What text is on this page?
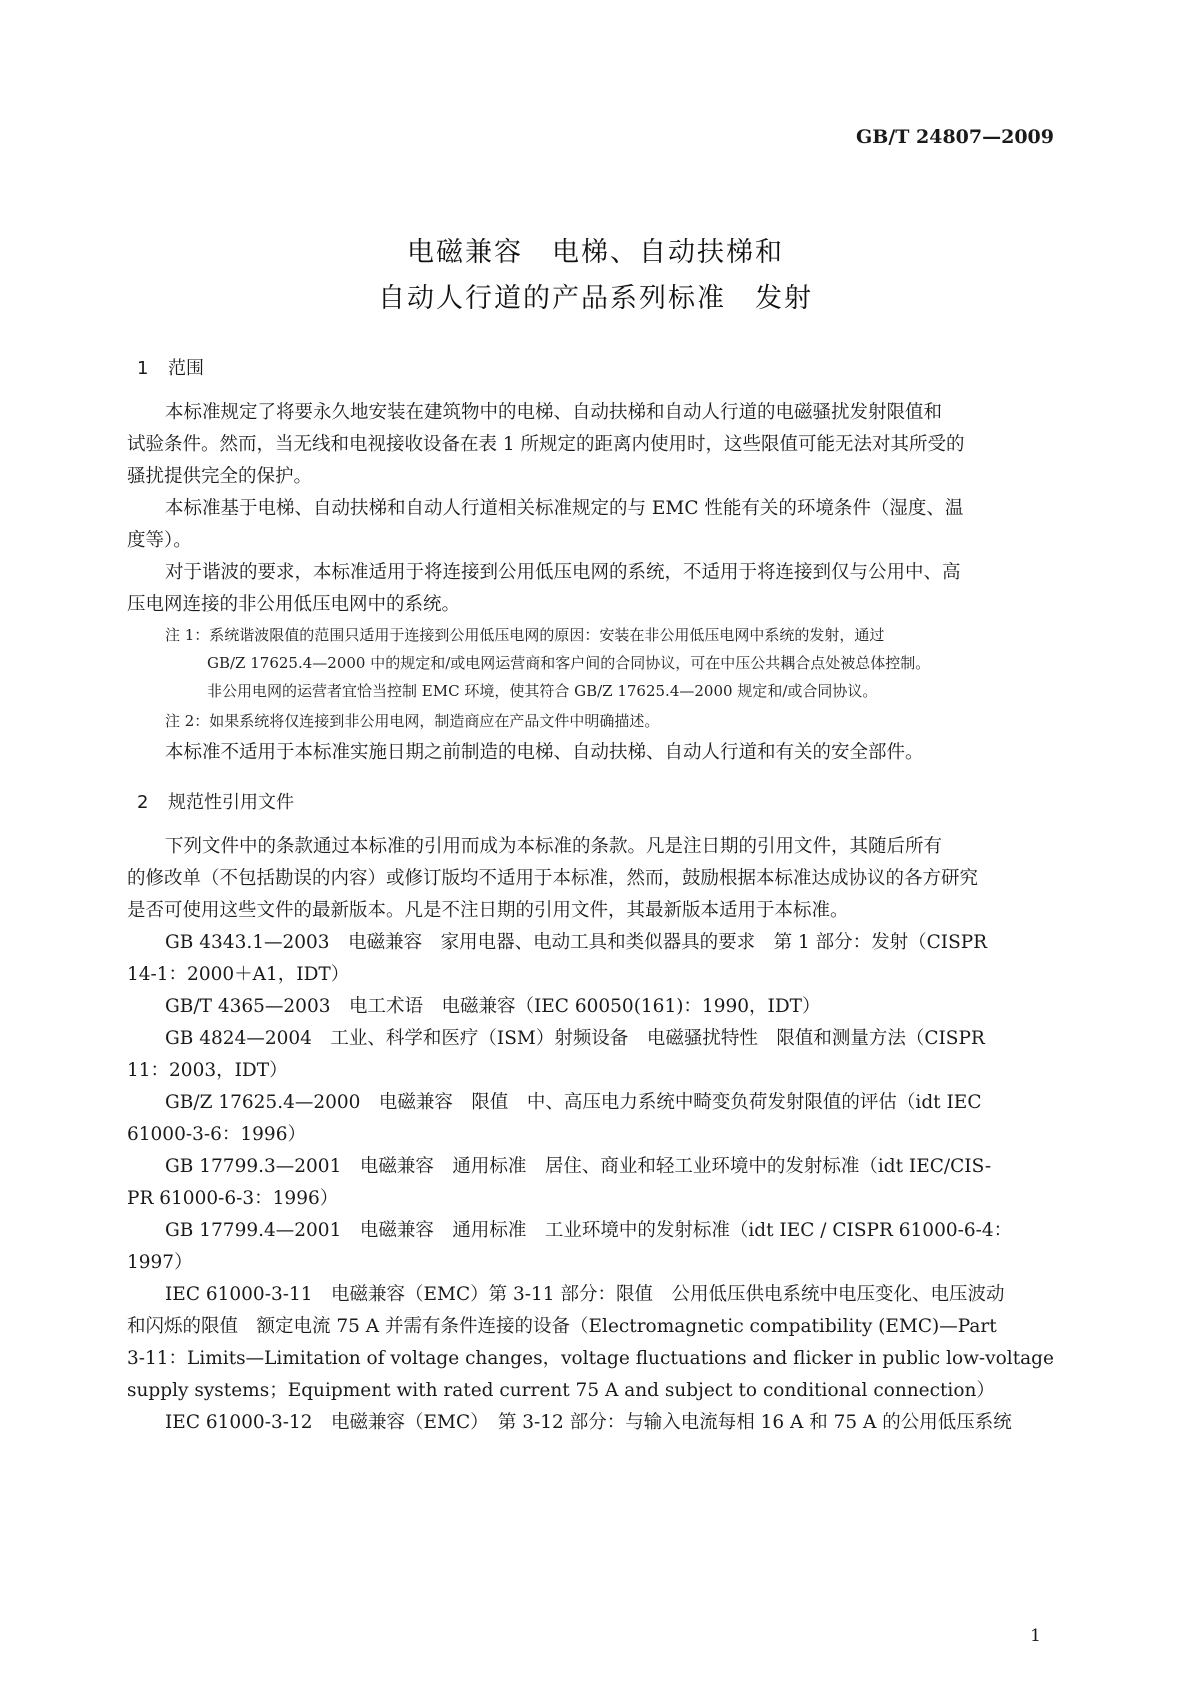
GB/T 24807—2009
电磁兼容　电梯、自动扶梯和
自动人行道的产品系列标准　发射
1 范围
本标准规定了将要永久地安装在建筑物中的电梯、自动扶梯和自动人行道的电磁骚扰发射限值和
试验条件。然而，当无线和电视接收设备在表 1 所规定的距离内使用时，这些限值可能无法对其所受的
骚扰提供完全的保护。
本标准基于电梯、自动扶梯和自动人行道相关标准规定的与 EMC 性能有关的环境条件（湿度、温
度等）。
对于谐波的要求，本标准适用于将连接到公用低压电网的系统，不适用于将连接到仅与公用中、高
压电网连接的非公用低压电网中的系统。
注 1：系统谐波限值的范围只适用于连接到公用低压电网的原因：安装在非公用低压电网中系统的发射，通过
GB/Z 17625.4—2000 中的规定和/或电网运营商和客户间的合同协议，可在中压公共耦合点处被总体控制。
非公用电网的运营者宜恰当控制 EMC 环境，使其符合 GB/Z 17625.4—2000 规定和/或合同协议。
注 2：如果系统将仅连接到非公用电网，制造商应在产品文件中明确描述。
本标准不适用于本标准实施日期之前制造的电梯、自动扶梯、自动人行道和有关的安全部件。
2 规范性引用文件
下列文件中的条款通过本标准的引用而成为本标准的条款。凡是注日期的引用文件，其随后所有
的修改单（不包括勘误的内容）或修订版均不适用于本标准，然而，鼓励根据本标准达成协议的各方研究
是否可使用这些文件的最新版本。凡是不注日期的引用文件，其最新版本适用于本标准。
GB 4343.1—2003　电磁兼容　家用电器、电动工具和类似器具的要求　第 1 部分：发射（CISPR
14-1：2000＋A1，IDT）
GB/T 4365—2003　电工术语　电磁兼容（IEC 60050(161)：1990，IDT）
GB 4824—2004　工业、科学和医疗（ISM）射频设备　电磁骚扰特性　限值和测量方法（CISPR
11：2003，IDT）
GB/Z 17625.4—2000　电磁兼容　限值　中、高压电力系统中畸变负荷发射限值的评估（idt IEC
61000-3-6：1996）
GB 17799.3—2001　电磁兼容　通用标准　居住、商业和轻工业环境中的发射标准（idt IEC/CIS-
PR 61000-6-3：1996）
GB 17799.4—2001　电磁兼容　通用标准　工业环境中的发射标准（idt IEC / CISPR 61000-6-4：
1997）
IEC 61000-3-11　电磁兼容（EMC）第 3-11 部分：限值　公用低压供电系统中电压变化、电压波动
和闪烁的限值　额定电流 75 A 并需有条件连接的设备（Electromagnetic compatibility (EMC)—Part
3-11：Limits—Limitation of voltage changes，voltage fluctuations and flicker in public low-voltage
supply systems；Equipment with rated current 75 A and subject to conditional connection）
IEC 61000-3-12　电磁兼容（EMC）　第 3-12 部分：与输入电流每相 16 A 和 75 A 的公用低压系统
1
